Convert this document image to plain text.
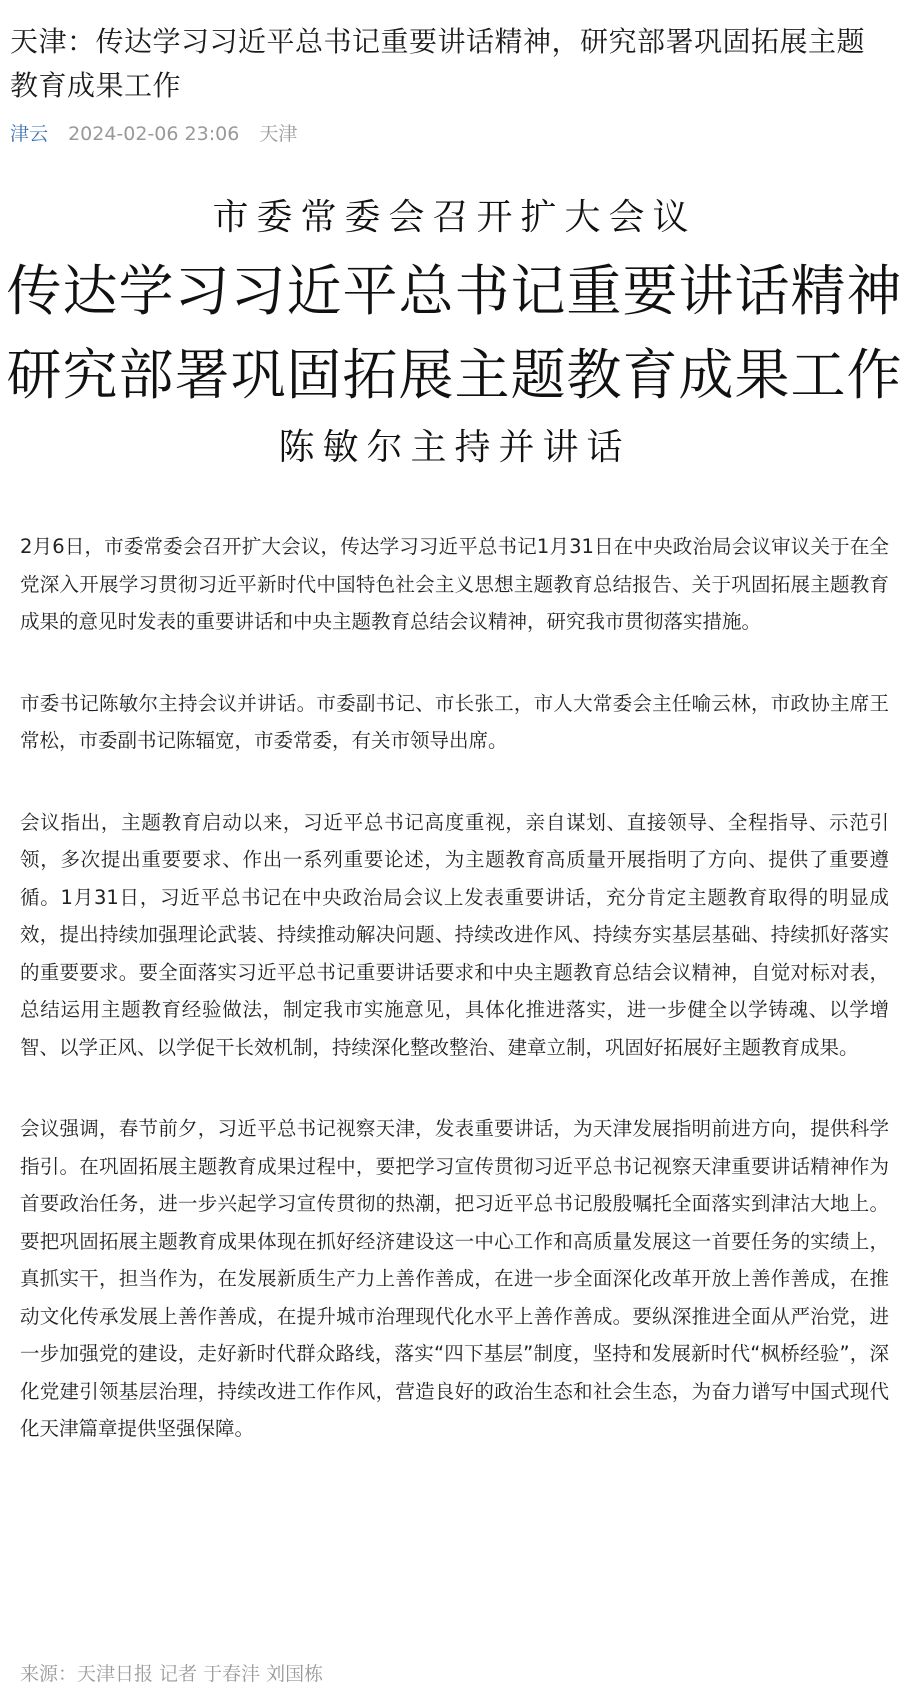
天津：传达学习习近平总书记重要讲话精神，研究部署巩固拓展主题教育成果工作
津云 2024-02-06 23:06 天津
市委常委会召开扩大会议
传达学习习近平总书记重要讲话精神
研究部署巩固拓展主题教育成果工作
陈敏尔主持并讲话

2月6日，市委常委会召开扩大会议，传达学习习近平总书记1月31日在中央政治局会议审议关于在全党深入开展学习贯彻习近平新时代中国特色社会主义思想主题教育总结报告、关于巩固拓展主题教育成果的意见时发表的重要讲话和中央主题教育总结会议精神，研究我市贯彻落实措施。

市委书记陈敏尔主持会议并讲话。市委副书记、市长张工，市人大常委会主任喻云林，市政协主席王常松，市委副书记陈辐宽，市委常委，有关市领导出席。

会议指出，主题教育启动以来，习近平总书记高度重视，亲自谋划、直接领导、全程指导、示范引领，多次提出重要要求、作出一系列重要论述，为主题教育高质量开展指明了方向、提供了重要遵循。1月31日，习近平总书记在中央政治局会议上发表重要讲话，充分肯定主题教育取得的明显成效，提出持续加强理论武装、持续推动解决问题、持续改进作风、持续夯实基层基础、持续抓好落实的重要要求。要全面落实习近平总书记重要讲话要求和中央主题教育总结会议精神，自觉对标对表，总结运用主题教育经验做法，制定我市实施意见，具体化推进落实，进一步健全以学铸魂、以学增智、以学正风、以学促干长效机制，持续深化整改整治、建章立制，巩固好拓展好主题教育成果。

会议强调，春节前夕，习近平总书记视察天津，发表重要讲话，为天津发展指明前进方向，提供科学指引。在巩固拓展主题教育成果过程中，要把学习宣传贯彻习近平总书记视察天津重要讲话精神作为首要政治任务，进一步兴起学习宣传贯彻的热潮，把习近平总书记殷殷嘱托全面落实到津沽大地上。要把巩固拓展主题教育成果体现在抓好经济建设这一中心工作和高质量发展这一首要任务的实绩上，真抓实干，担当作为，在发展新质生产力上善作善成，在进一步全面深化改革开放上善作善成，在推动文化传承发展上善作善成，在提升城市治理现代化水平上善作善成。要纵深推进全面从严治党，进一步加强党的建设，走好新时代群众路线，落实“四下基层”制度，坚持和发展新时代“枫桥经验”，深化党建引领基层治理，持续改进工作作风，营造良好的政治生态和社会生态，为奋力谱写中国式现代化天津篇章提供坚强保障。

来源：天津日报 记者 于春沣 刘国栋
